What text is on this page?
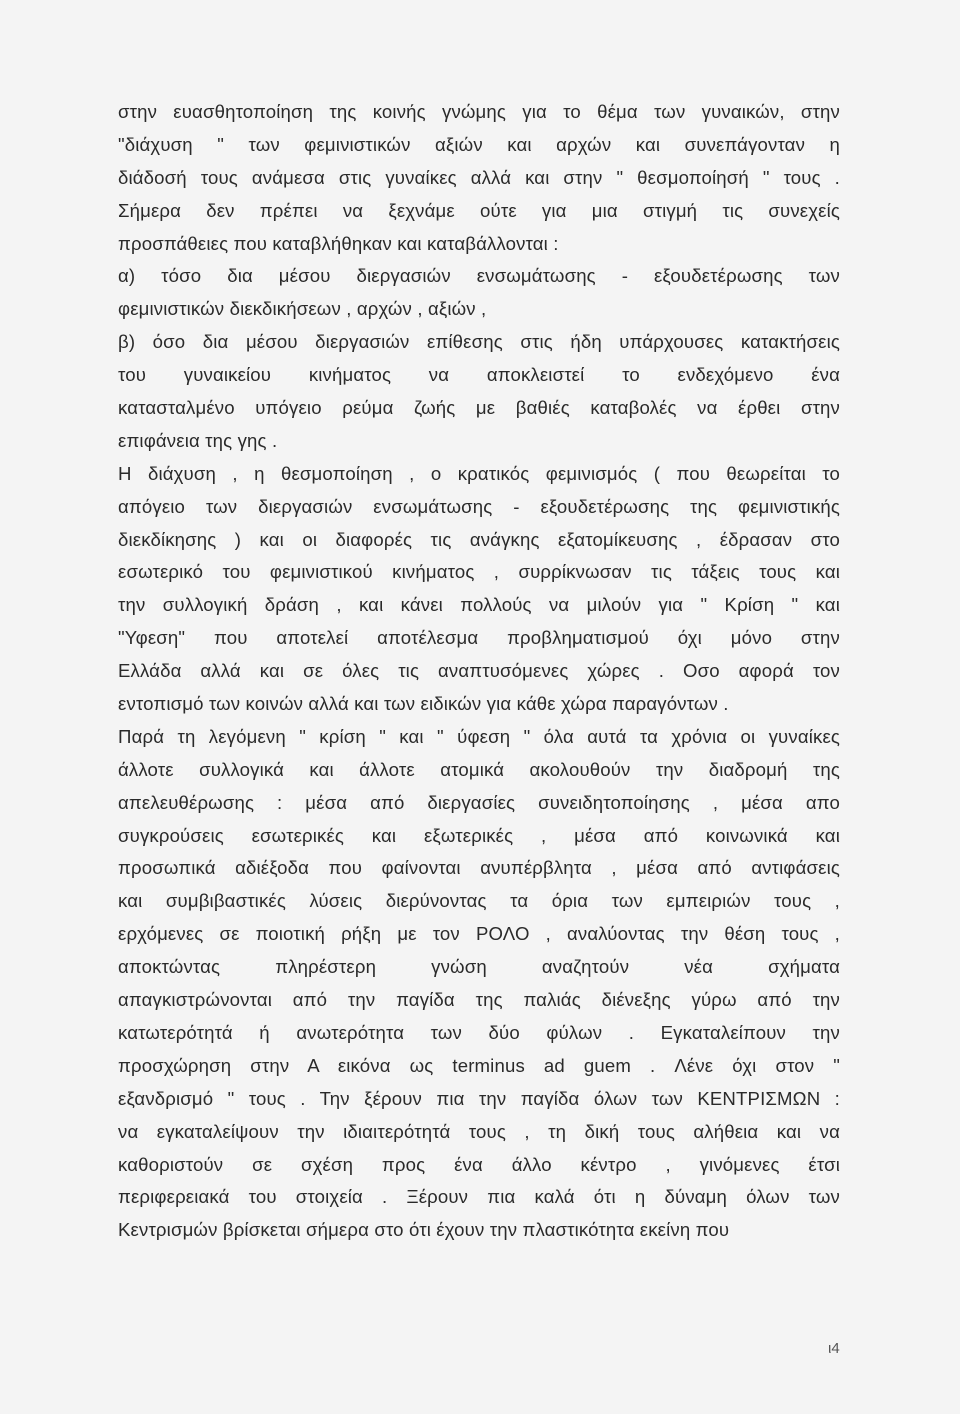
στην ευασθητοποίηση της κοινής γνώμης για το θέμα των γυναικών, στην
"διάχυση " των φεμινιστικών αξιών και αρχών και συνεπάγονταν η
διάδοσή τους ανάμεσα στις γυναίκες αλλά και στην " θεσμοποίησή " τους .
Σήμερα δεν πρέπει να ξεχνάμε ούτε για μια στιγμή τις συνεχείς
προσπάθειες που καταβλήθηκαν και καταβάλλονται :
α) τόσο δια μέσου διεργασιών ενσωμάτωσης - εξουδετέρωσης των
φεμινιστικών διεκδικήσεων , αρχών , αξιών ,
β) όσο δια μέσου διεργασιών επίθεσης στις ήδη υπάρχουσες κατακτήσεις
του γυναικείου κινήματος να αποκλειστεί το ενδεχόμενο ένα
κατασταλμένο υπόγειο ρεύμα ζωής με βαθιές καταβολές να έρθει στην
επιφάνεια της γης .
Η διάχυση , η θεσμοποίηση , ο κρατικός φεμινισμός ( που θεωρείται το
απόγειο των διεργασιών ενσωμάτωσης - εξουδετέρωσης της φεμινιστικής
διεκδίκησης ) και οι διαφορές τις ανάγκης εξατομίκευσης , έδρασαν στο
εσωτερικό του φεμινιστικού κινήματος , συρρίκνωσαν τις τάξεις τους και
την συλλογική δράση , και κάνει πολλούς να μιλούν για " Κρίση " και
"Υφεση" που αποτελεί αποτέλεσμα προβληματισμού όχι μόνο στην
Ελλάδα αλλά και σε όλες τις αναπτυσόμενες χώρες . Οσο αφορά τον
εντοπισμό των κοινών αλλά και των ειδικών για κάθε χώρα παραγόντων .
Παρά τη λεγόμενη " κρίση " και " ύφεση " όλα αυτά τα χρόνια οι γυναίκες
άλλοτε συλλογικά και άλλοτε ατομικά ακολουθούν την διαδρομή της
απελευθέρωσης : μέσα από διεργασίες συνειδητοποίησης , μέσα απο
συγκρούσεις εσωτερικές και εξωτερικές , μέσα από κοινωνικά και
προσωπικά αδιέξοδα που φαίνονται ανυπέρβλητα , μέσα από αντιφάσεις
και συμβιβαστικές λύσεις διερύνοντας τα όρια των εμπειριών τους ,
ερχόμενες σε ποιοτική ρήξη με τον ΡΟΛΟ , αναλύοντας την θέση τους ,
αποκτώντας πληρέστερη γνώση αναζητούν νέα σχήματα
απαγκιστρώνονται από την παγίδα της παλιάς διένεξης γύρω από την
κατωτερότητά ή ανωτερότητα των δύο φύλων . Εγκαταλείπουν την
προσχώρηση στην Α εικόνα ως terminus ad guem . Λένε όχι στον "
εξανδρισμό " τους . Την ξέρουν πια την παγίδα όλων των ΚΕΝΤΡΙΣΜΩΝ :
να εγκαταλείψουν την ιδιαιτερότητά τους , τη δική τους αλήθεια και να
καθοριστούν σε σχέση προς ένα άλλο κέντρο , γινόμενες έτσι
περιφερειακά του στοιχεία . Ξέρουν πια καλά ότι η δύναμη όλων των
Κεντρισμών βρίσκεται σήμερα στο ότι έχουν την πλαστικότητα εκείνη που
ι4
